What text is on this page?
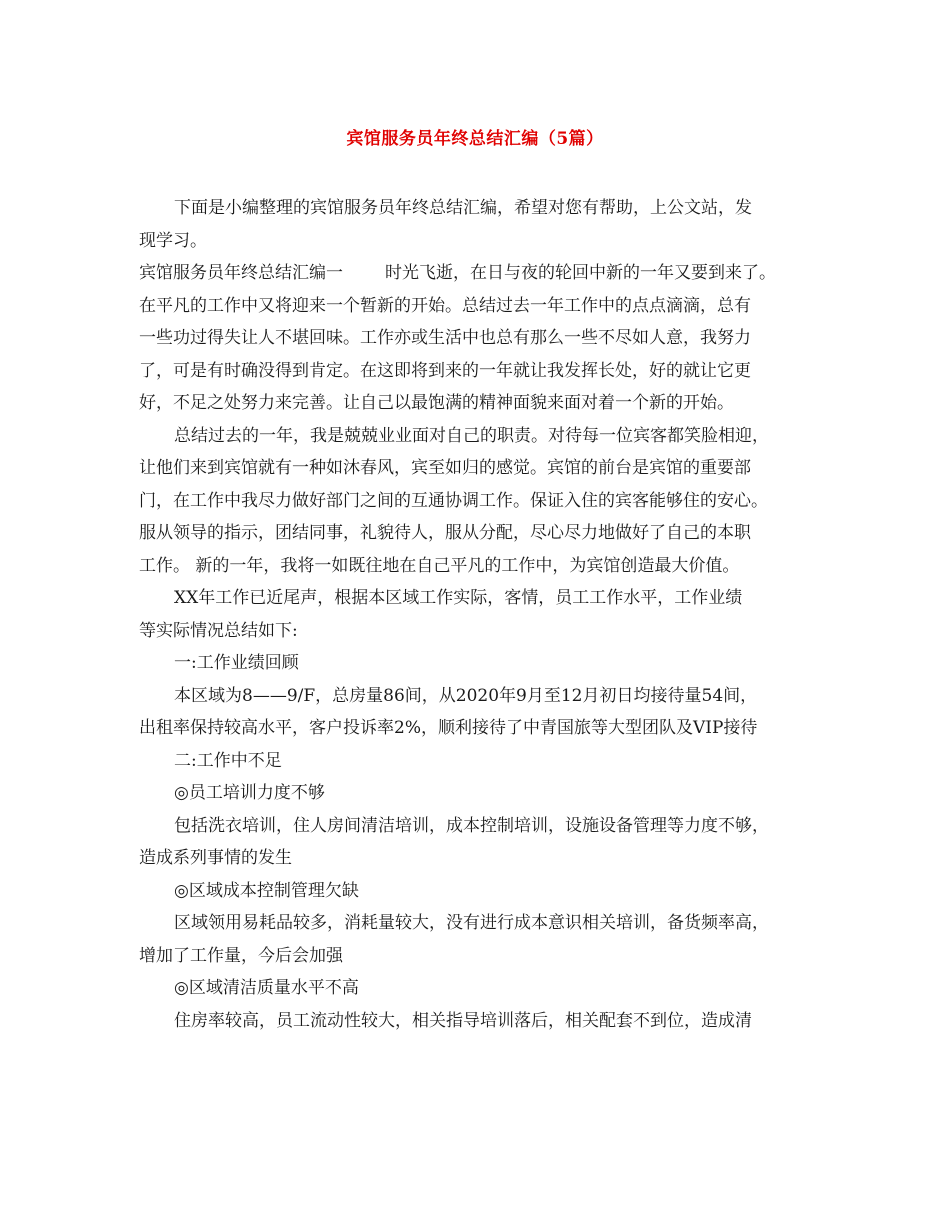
宾馆服务员年终总结汇编（5篇）
下面是小编整理的宾馆服务员年终总结汇编，希望对您有帮助，上公文站，发
现学习。
宾馆服务员年终总结汇编一 时光飞逝，在日与夜的轮回中新的一年又要到来了。
在平凡的工作中又将迎来一个暂新的开始。总结过去一年工作中的点点滴滴，总有
一些功过得失让人不堪回味。工作亦或生活中也总有那么一些不尽如人意，我努力
了，可是有时确没得到肯定。在这即将到来的一年就让我发挥长处，好的就让它更
好，不足之处努力来完善。让自己以最饱满的精神面貌来面对着一个新的开始。
总结过去的一年，我是兢兢业业面对自己的职责。对待每一位宾客都笑脸相迎，
让他们来到宾馆就有一种如沐春风，宾至如归的感觉。宾馆的前台是宾馆的重要部
门，在工作中我尽力做好部门之间的互通协调工作。保证入住的宾客能够住的安心。
服从领导的指示，团结同事，礼貌待人，服从分配，尽心尽力地做好了自己的本职
工作。 新的一年，我将一如既往地在自己平凡的工作中，为宾馆创造最大价值。
XX年工作已近尾声，根据本区域工作实际，客情，员工工作水平，工作业绩
等实际情况总结如下:
一:工作业绩回顾
本区域为8——9/F，总房量86间，从2020年9月至12月初日均接待量54间，
出租率保持较高水平，客户投诉率2%，顺利接待了中青国旅等大型团队及VIP接待
二:工作中不足
◎员工培训力度不够
包括洗衣培训，住人房间清洁培训，成本控制培训，设施设备管理等力度不够，
造成系列事情的发生
◎区域成本控制管理欠缺
区域领用易耗品较多，消耗量较大，没有进行成本意识相关培训，备货频率高，
增加了工作量，今后会加强
◎区域清洁质量水平不高
住房率较高，员工流动性较大，相关指导培训落后，相关配套不到位，造成清
